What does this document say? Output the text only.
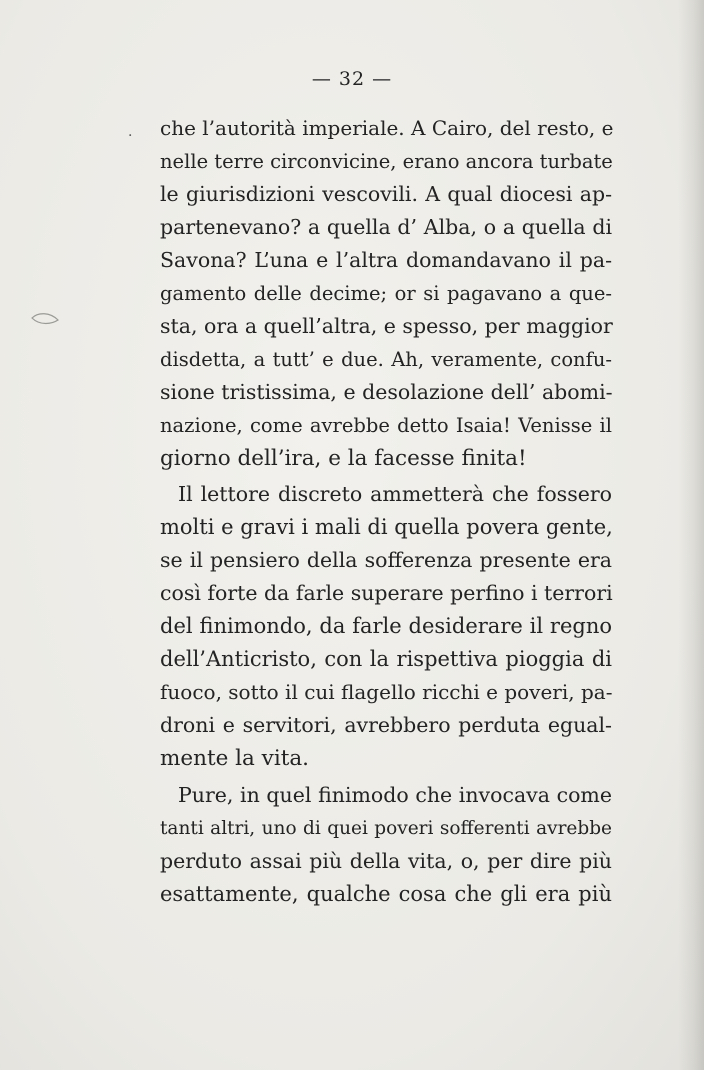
— 32 —
· che l’autorità imperiale. A Cairo, del resto, e
nelle terre circonvicine, erano ancora turbate
le giurisdizioni vescovili. A qual diocesi ap-
partenevano? a quella d’ Alba, o a quella di
Savona? L’una e l’altra domandavano il pa-
gamento delle decime; or si pagavano a que-
sta, ora a quell’altra, e spesso, per maggior
disdetta, a tutt’ e due. Ah, veramente, confu-
sione tristissima, e desolazione dell’ abomi-
nazione, come avrebbe detto Isaia! Venisse il
giorno dell’ira, e la facesse finita!
Il lettore discreto ammetterà che fossero
molti e gravi i mali di quella povera gente,
se il pensiero della sofferenza presente era
così forte da farle superare perfino i terrori
del finimondo, da farle desiderare il regno
dell’Anticristo, con la rispettiva pioggia di
fuoco, sotto il cui flagello ricchi e poveri, pa-
droni e servitori, avrebbero perduta egual-
mente la vita.
Pure, in quel finimodo che invocava come
tanti altri, uno di quei poveri sofferenti avrebbe
perduto assai più della vita, o, per dire più
esattamente, qualche cosa che gli era più
